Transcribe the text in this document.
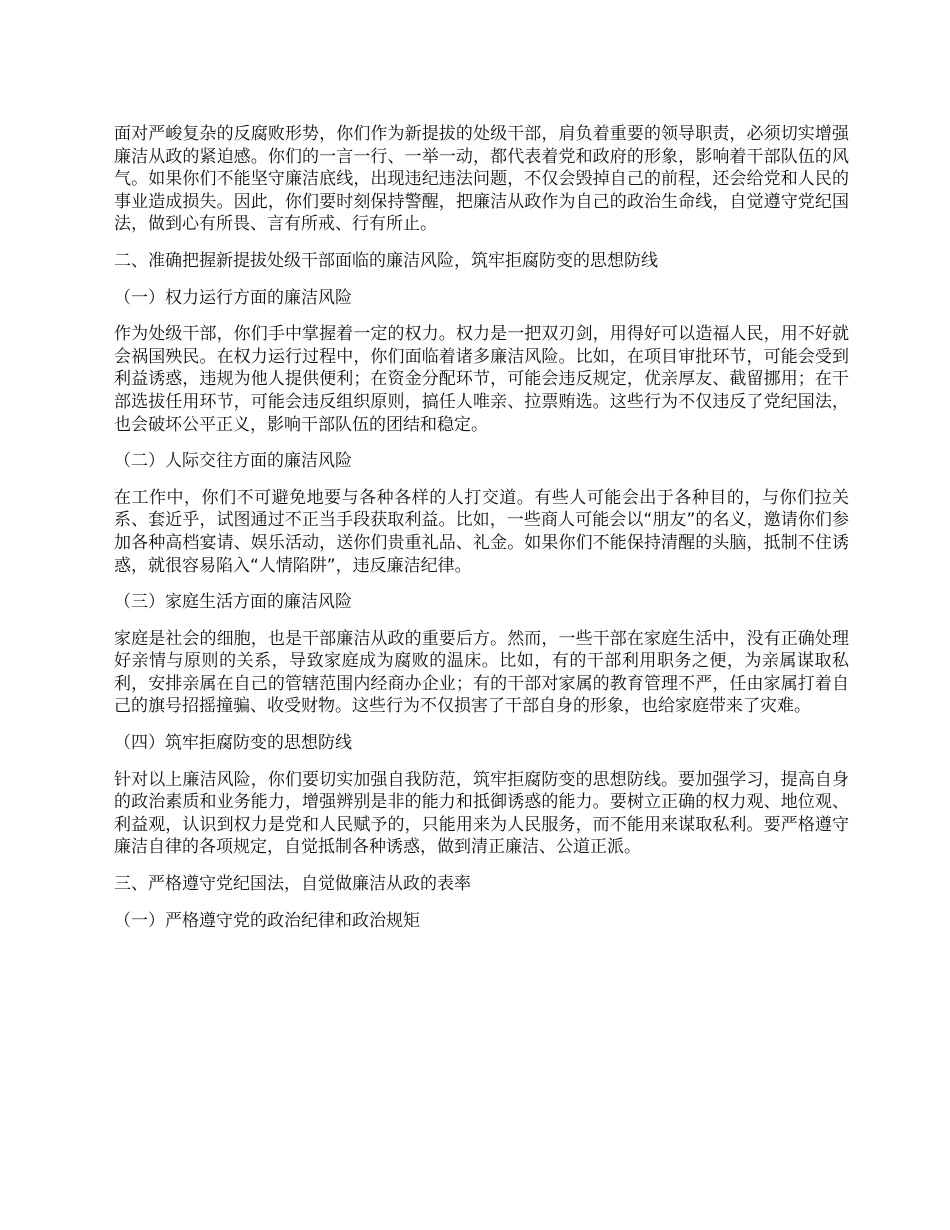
面对严峻复杂的反腐败形势，你们作为新提拔的处级干部，肩负着重要的领导职责，必须切实增强廉洁从政的紧迫感。你们的一言一行、一举一动，都代表着党和政府的形象，影响着干部队伍的风气。如果你们不能坚守廉洁底线，出现违纪违法问题，不仅会毁掉自己的前程，还会给党和人民的事业造成损失。因此，你们要时刻保持警醒，把廉洁从政作为自己的政治生命线，自觉遵守党纪国法，做到心有所畏、言有所戒、行有所止。

二、准确把握新提拔处级干部面临的廉洁风险，筑牢拒腐防变的思想防线

（一）权力运行方面的廉洁风险

作为处级干部，你们手中掌握着一定的权力。权力是一把双刃剑，用得好可以造福人民，用不好就会祸国殃民。在权力运行过程中，你们面临着诸多廉洁风险。比如，在项目审批环节，可能会受到利益诱惑，违规为他人提供便利；在资金分配环节，可能会违反规定，优亲厚友、截留挪用；在干部选拔任用环节，可能会违反组织原则，搞任人唯亲、拉票贿选。这些行为不仅违反了党纪国法，也会破坏公平正义，影响干部队伍的团结和稳定。

（二）人际交往方面的廉洁风险

在工作中，你们不可避免地要与各种各样的人打交道。有些人可能会出于各种目的，与你们拉关系、套近乎，试图通过不正当手段获取利益。比如，一些商人可能会以“朋友”的名义，邀请你们参加各种高档宴请、娱乐活动，送你们贵重礼品、礼金。如果你们不能保持清醒的头脑，抵制不住诱惑，就很容易陷入“人情陷阱”，违反廉洁纪律。

（三）家庭生活方面的廉洁风险

家庭是社会的细胞，也是干部廉洁从政的重要后方。然而，一些干部在家庭生活中，没有正确处理好亲情与原则的关系，导致家庭成为腐败的温床。比如，有的干部利用职务之便，为亲属谋取私利，安排亲属在自己的管辖范围内经商办企业；有的干部对家属的教育管理不严，任由家属打着自己的旗号招摇撞骗、收受财物。这些行为不仅损害了干部自身的形象，也给家庭带来了灾难。

（四）筑牢拒腐防变的思想防线

针对以上廉洁风险，你们要切实加强自我防范，筑牢拒腐防变的思想防线。要加强学习，提高自身的政治素质和业务能力，增强辨别是非的能力和抵御诱惑的能力。要树立正确的权力观、地位观、利益观，认识到权力是党和人民赋予的，只能用来为人民服务，而不能用来谋取私利。要严格遵守廉洁自律的各项规定，自觉抵制各种诱惑，做到清正廉洁、公道正派。

三、严格遵守党纪国法，自觉做廉洁从政的表率

（一）严格遵守党的政治纪律和政治规矩
